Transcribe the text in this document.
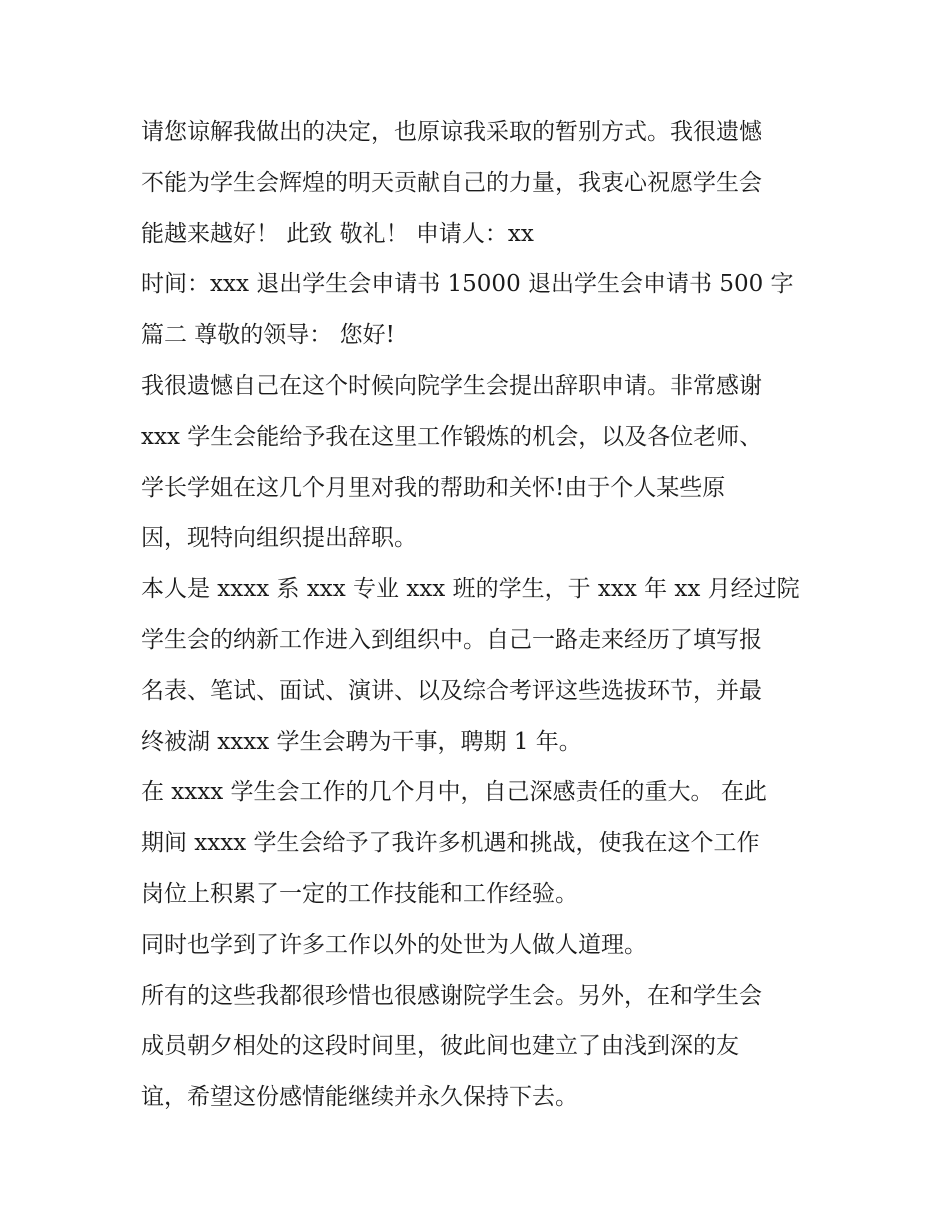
请您谅解我做出的决定，也原谅我采取的暂别方式。我很遗憾
不能为学生会辉煌的明天贡献自己的力量，我衷心祝愿学生会
能越来越好！ 此致 敬礼！ 申请人：xx
时间：xxx 退出学生会申请书 15000 退出学生会申请书 500 字
篇二 尊敬的领导： 您好!
我很遗憾自己在这个时候向院学生会提出辞职申请。非常感谢
xxx 学生会能给予我在这里工作锻炼的机会，以及各位老师、
学长学姐在这几个月里对我的帮助和关怀!由于个人某些原
因，现特向组织提出辞职。
本人是 xxxx 系 xxx 专业 xxx 班的学生，于 xxx 年 xx 月经过院
学生会的纳新工作进入到组织中。自己一路走来经历了填写报
名表、笔试、面试、演讲、以及综合考评这些选拔环节，并最
终被湖 xxxx 学生会聘为干事，聘期 1 年。
在 xxxx 学生会工作的几个月中，自己深感责任的重大。 在此
期间 xxxx 学生会给予了我许多机遇和挑战，使我在这个工作
岗位上积累了一定的工作技能和工作经验。
同时也学到了许多工作以外的处世为人做人道理。
所有的这些我都很珍惜也很感谢院学生会。另外，在和学生会
成员朝夕相处的这段时间里，彼此间也建立了由浅到深的友
谊，希望这份感情能继续并永久保持下去。
